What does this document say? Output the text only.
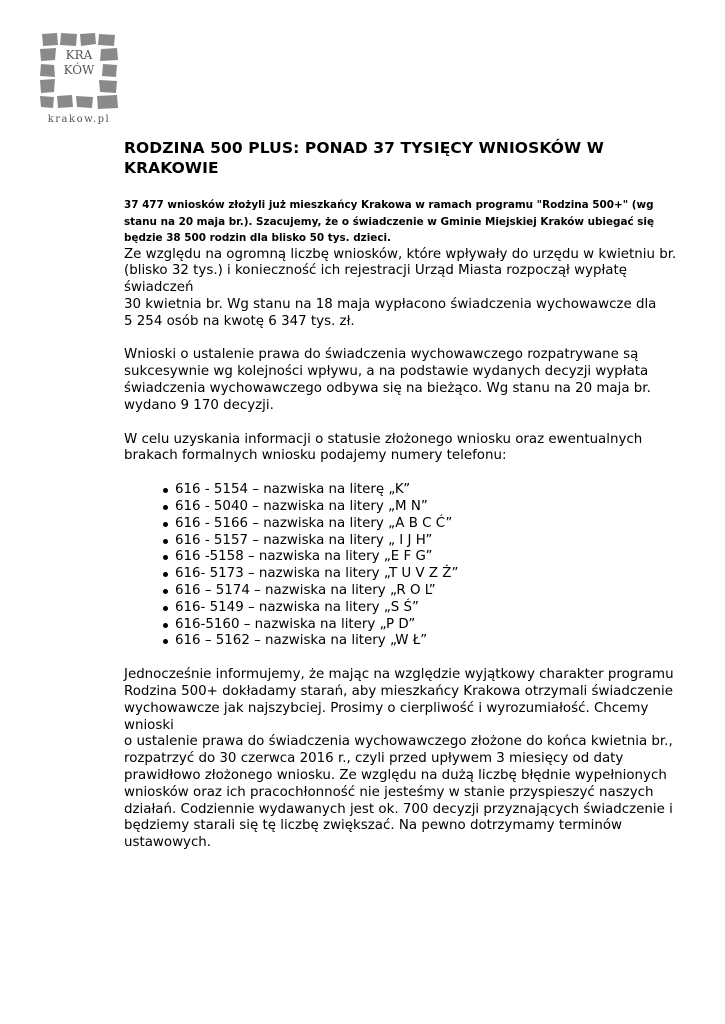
KRA
KÓW
krakow.pl
RODZINA 500 PLUS: PONAD 37 TYSIĘCY WNIOSKÓW W
KRAKOWIE

37 477 wniosków złożyli już mieszkańcy Krakowa w ramach programu "Rodzina 500+" (wg
stanu na 20 maja br.). Szacujemy, że o świadczenie w Gminie Miejskiej Kraków ubiegać się
będzie 38 500 rodzin dla blisko 50 tys. dzieci.

Ze względu na ogromną liczbę wniosków, które wpływały do urzędu w kwietniu br.
(blisko 32 tys.) i konieczność ich rejestracji Urząd Miasta rozpoczął wypłatę
świadczeń
30 kwietnia br. Wg stanu na 18 maja wypłacono świadczenia wychowawcze dla
5 254 osób na kwotę 6 347 tys. zł.

Wnioski o ustalenie prawa do świadczenia wychowawczego rozpatrywane są
sukcesywnie wg kolejności wpływu, a na podstawie wydanych decyzji wypłata
świadczenia wychowawczego odbywa się na bieżąco. Wg stanu na 20 maja br.
wydano 9 170 decyzji.

W celu uzyskania informacji o statusie złożonego wniosku oraz ewentualnych
brakach formalnych wniosku podajemy numery telefonu:

616 - 5154 – nazwiska na literę „K”
616 - 5040 – nazwiska na litery „M N”
616 - 5166 – nazwiska na litery „A B C Ć”
616 - 5157 – nazwiska na litery „ I J H”
616 -5158 – nazwiska na litery „E F G”
616- 5173 – nazwiska na litery „T U V Z Ż”
616 – 5174 – nazwiska na litery „R O L”
616- 5149 – nazwiska na litery „S Ś”
616-5160 – nazwiska na litery „P D”
616 – 5162 – nazwiska na litery „W Ł”

Jednocześnie informujemy, że mając na względzie wyjątkowy charakter programu
Rodzina 500+ dokładamy starań, aby mieszkańcy Krakowa otrzymali świadczenie
wychowawcze jak najszybciej. Prosimy o cierpliwość i wyrozumiałość. Chcemy
wnioski
o ustalenie prawa do świadczenia wychowawczego złożone do końca kwietnia br.,
rozpatrzyć do 30 czerwca 2016 r., czyli przed upływem 3 miesięcy od daty
prawidłowo złożonego wniosku. Ze względu na dużą liczbę błędnie wypełnionych
wniosków oraz ich pracochłonność nie jesteśmy w stanie przyspieszyć naszych
działań. Codziennie wydawanych jest ok. 700 decyzji przyznających świadczenie i
będziemy starali się tę liczbę zwiększać. Na pewno dotrzymamy terminów
ustawowych.
